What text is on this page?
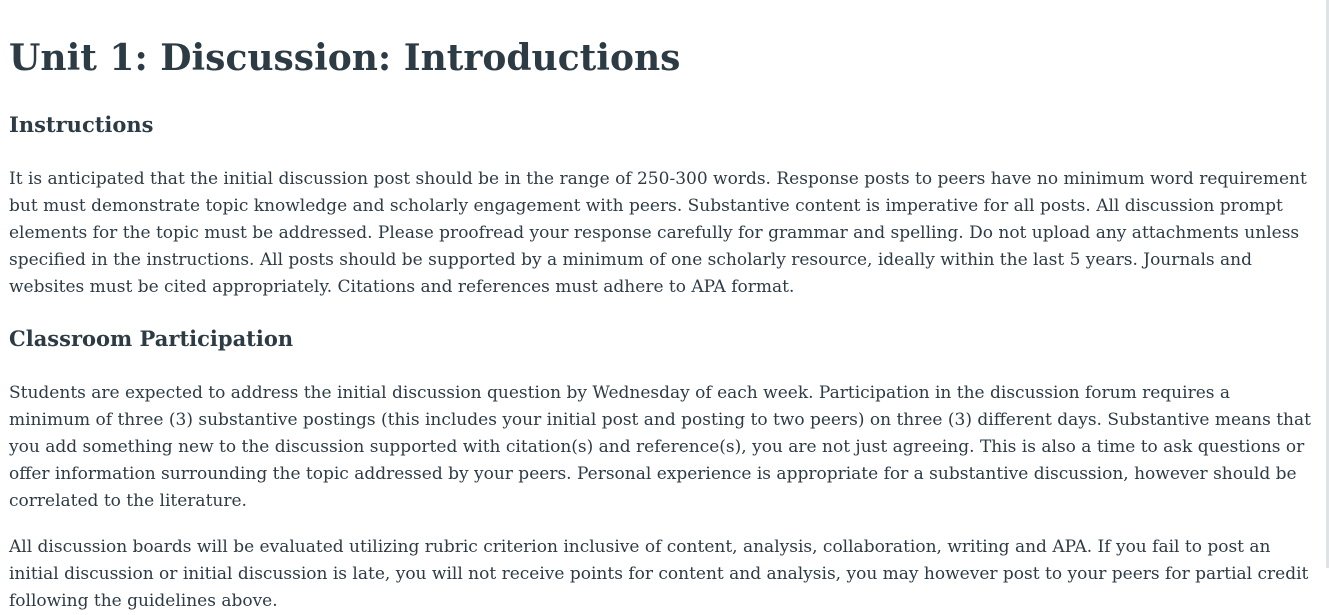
Unit 1: Discussion: Introductions
Instructions

It is anticipated that the initial discussion post should be in the range of 250-300 words. Response posts to peers have no minimum word requirement but must demonstrate topic knowledge and scholarly engagement with peers. Substantive content is imperative for all posts. All discussion prompt elements for the topic must be addressed. Please proofread your response carefully for grammar and spelling. Do not upload any attachments unless specified in the instructions. All posts should be supported by a minimum of one scholarly resource, ideally within the last 5 years. Journals and websites must be cited appropriately. Citations and references must adhere to APA format.

Classroom Participation

Students are expected to address the initial discussion question by Wednesday of each week. Participation in the discussion forum requires a minimum of three (3) substantive postings (this includes your initial post and posting to two peers) on three (3) different days. Substantive means that you add something new to the discussion supported with citation(s) and reference(s), you are not just agreeing. This is also a time to ask questions or offer information surrounding the topic addressed by your peers. Personal experience is appropriate for a substantive discussion, however should be correlated to the literature.

All discussion boards will be evaluated utilizing rubric criterion inclusive of content, analysis, collaboration, writing and APA. If you fail to post an initial discussion or initial discussion is late, you will not receive points for content and analysis, you may however post to your peers for partial credit following the guidelines above.
